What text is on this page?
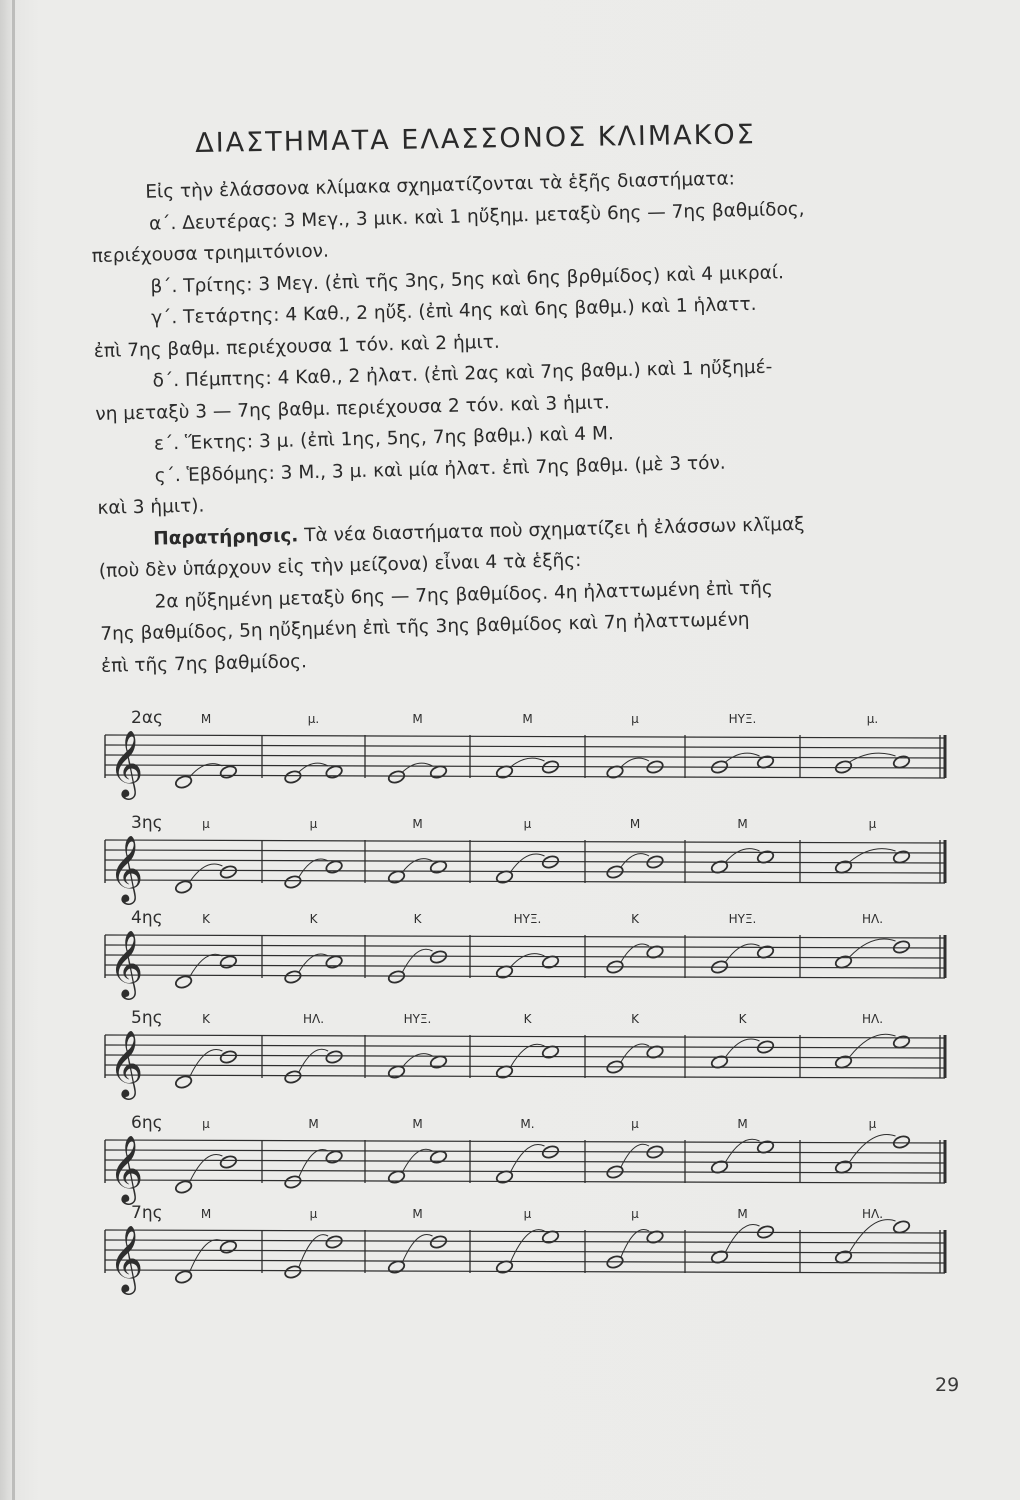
ΔΙΑΣΤΗΜΑΤΑ ΕΛΑΣΣΟΝΟΣ ΚΛΙΜΑΚΟΣ

Εἰς τὴν ἐλάσσονα κλίμακα σχηματίζονται τὰ ἑξῆς διαστήματα:

α΄. Δευτέρας: 3 Μεγ., 3 μικ. καὶ 1 ηὔξημ. μεταξὺ 6ης — 7ης βαθμίδος,

περιέχουσα τριημιτόνιον.

β΄. Τρίτης: 3 Μεγ. (ἐπὶ τῆς 3ης, 5ης καὶ 6ης βρθμίδος) καὶ 4 μικραί.

γ΄. Τετάρτης: 4 Καθ., 2 ηὔξ. (ἐπὶ 4ης καὶ 6ης βαθμ.) καὶ 1 ἡλαττ.

ἐπὶ 7ης βαθμ. περιέχουσα 1 τόν. καὶ 2 ἡμιτ.

δ΄. Πέμπτης: 4 Καθ., 2 ἠλατ. (ἐπὶ 2ας καὶ 7ης βαθμ.) καὶ 1 ηὔξημέ-

νη μεταξὺ 3 — 7ης βαθμ. περιέχουσα 2 τόν. καὶ 3 ἡμιτ.

ε΄. Ἕκτης: 3 μ. (ἐπὶ 1ης, 5ης, 7ης βαθμ.) καὶ 4 Μ.

ς΄. Ἑβδόμης: 3 Μ., 3 μ. καὶ μία ἠλατ. ἐπὶ 7ης βαθμ. (μὲ 3 τόν.

καὶ 3 ἡμιτ).

Παρατήρησις. Τὰ νέα διαστήματα ποὺ σχηματίζει ἡ ἐλάσσων κλῖμαξ

(ποὺ δὲν ὑπάρχουν εἰς τὴν μείζονα) εἶναι 4 τὰ ἑξῆς:

2α ηὔξημένη μεταξὺ 6ης — 7ης βαθμίδος. 4η ἠλαττωμένη ἐπὶ τῆς

7ης βαθμίδος, 5η ηὔξημένη ἐπὶ τῆς 3ης βαθμίδος καὶ 7η ἠλαττωμένη

ἐπὶ τῆς 7ης βαθμίδος.

𝄞
2ας	Μ	μ.	Μ	Μ	μ	ΗΥΞ.	μ.
𝄞
3ης	μ	μ	Μ	μ	Μ	Μ	μ
𝄞
4ης	Κ	Κ	Κ	ΗΥΞ.	Κ	ΗΥΞ.	ΗΛ.
𝄞
5ης	Κ	ΗΛ.	ΗΥΞ.	Κ	Κ	Κ	ΗΛ.
𝄞
6ης	μ	Μ	Μ	Μ.	μ	Μ	μ
𝄞
7ης	Μ	μ	Μ	μ	μ	Μ	ΗΛ.
29
